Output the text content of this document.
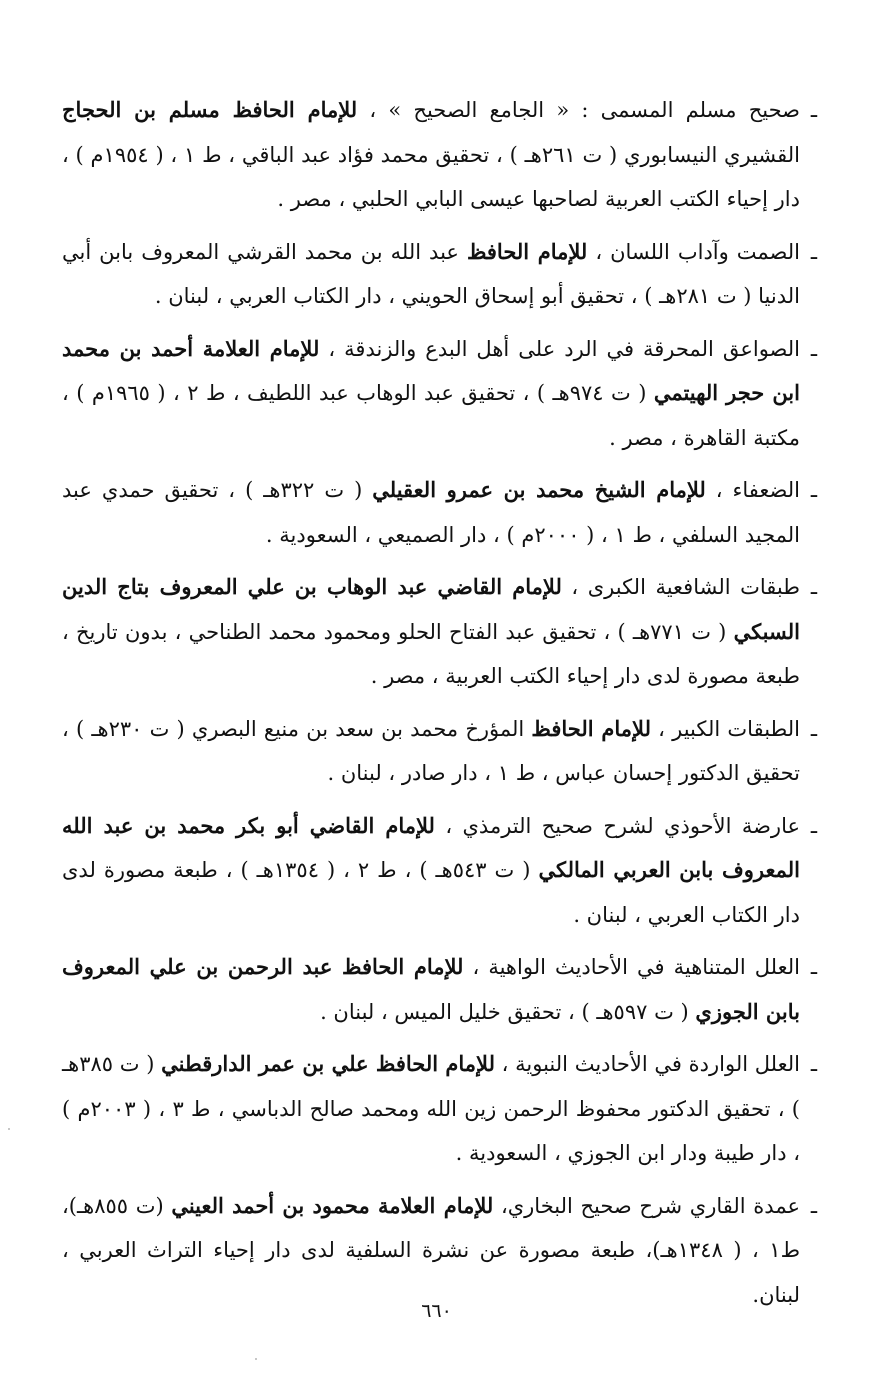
ـ
صحيح مسلم المسمى : « الجامع الصحيح » ، للإمام الحافظ مسلم بن الحجاج القشيري النيسابوري ( ت ٢٦١هـ ) ، تحقيق محمد فؤاد عبد الباقي ، ط ١ ، ( ١٩٥٤م ) ، دار إحياء الكتب العربية لصاحبها عيسى البابي الحلبي ، مصر .
ـ
الصمت وآداب اللسان ، للإمام الحافظ عبد الله بن محمد القرشي المعروف بابن أبي الدنيا ( ت ٢٨١هـ ) ، تحقيق أبو إسحاق الحويني ، دار الكتاب العربي ، لبنان .
ـ
الصواعق المحرقة في الرد على أهل البدع والزندقة ، للإمام العلامة أحمد بن محمد ابن حجر الهيتمي ( ت ٩٧٤هـ ) ، تحقيق عبد الوهاب عبد اللطيف ، ط ٢ ، ( ١٩٦٥م ) ، مكتبة القاهرة ، مصر .
ـ
الضعفاء ، للإمام الشيخ محمد بن عمرو العقيلي ( ت ٣٢٢هـ ) ، تحقيق حمدي عبد المجيد السلفي ، ط ١ ، ( ٢٠٠٠م ) ، دار الصميعي ، السعودية .
ـ
طبقات الشافعية الكبرى ، للإمام القاضي عبد الوهاب بن علي المعروف بتاج الدين السبكي ( ت ٧٧١هـ ) ، تحقيق عبد الفتاح الحلو ومحمود محمد الطناحي ، بدون تاريخ ، طبعة مصورة لدى دار إحياء الكتب العربية ، مصر .
ـ
الطبقات الكبير ، للإمام الحافظ المؤرخ محمد بن سعد بن منيع البصري ( ت ٢٣٠هـ ) ، تحقيق الدكتور إحسان عباس ، ط ١ ، دار صادر ، لبنان .
ـ
عارضة الأحوذي لشرح صحيح الترمذي ، للإمام القاضي أبو بكر محمد بن عبد الله المعروف بابن العربي المالكي ( ت ٥٤٣هـ ) ، ط ٢ ، ( ١٣٥٤هـ ) ، طبعة مصورة لدى دار الكتاب العربي ، لبنان .
ـ
العلل المتناهية في الأحاديث الواهية ، للإمام الحافظ عبد الرحمن بن علي المعروف بابن الجوزي ( ت ٥٩٧هـ ) ، تحقيق خليل الميس ، لبنان .
ـ
العلل الواردة في الأحاديث النبوية ، للإمام الحافظ علي بن عمر الدارقطني ( ت ٣٨٥هـ ) ، تحقيق الدكتور محفوظ الرحمن زين الله ومحمد صالح الدباسي ، ط ٣ ، ( ٢٠٠٣م ) ، دار طيبة ودار ابن الجوزي ، السعودية .
ـ
عمدة القاري شرح صحيح البخاري، للإمام العلامة محمود بن أحمد العيني (ت ٨٥٥هـ)، ط١ ، ( ١٣٤٨هـ)، طبعة مصورة عن نشرة السلفية لدى دار إحياء التراث العربي ، لبنان.
٦٦٠
